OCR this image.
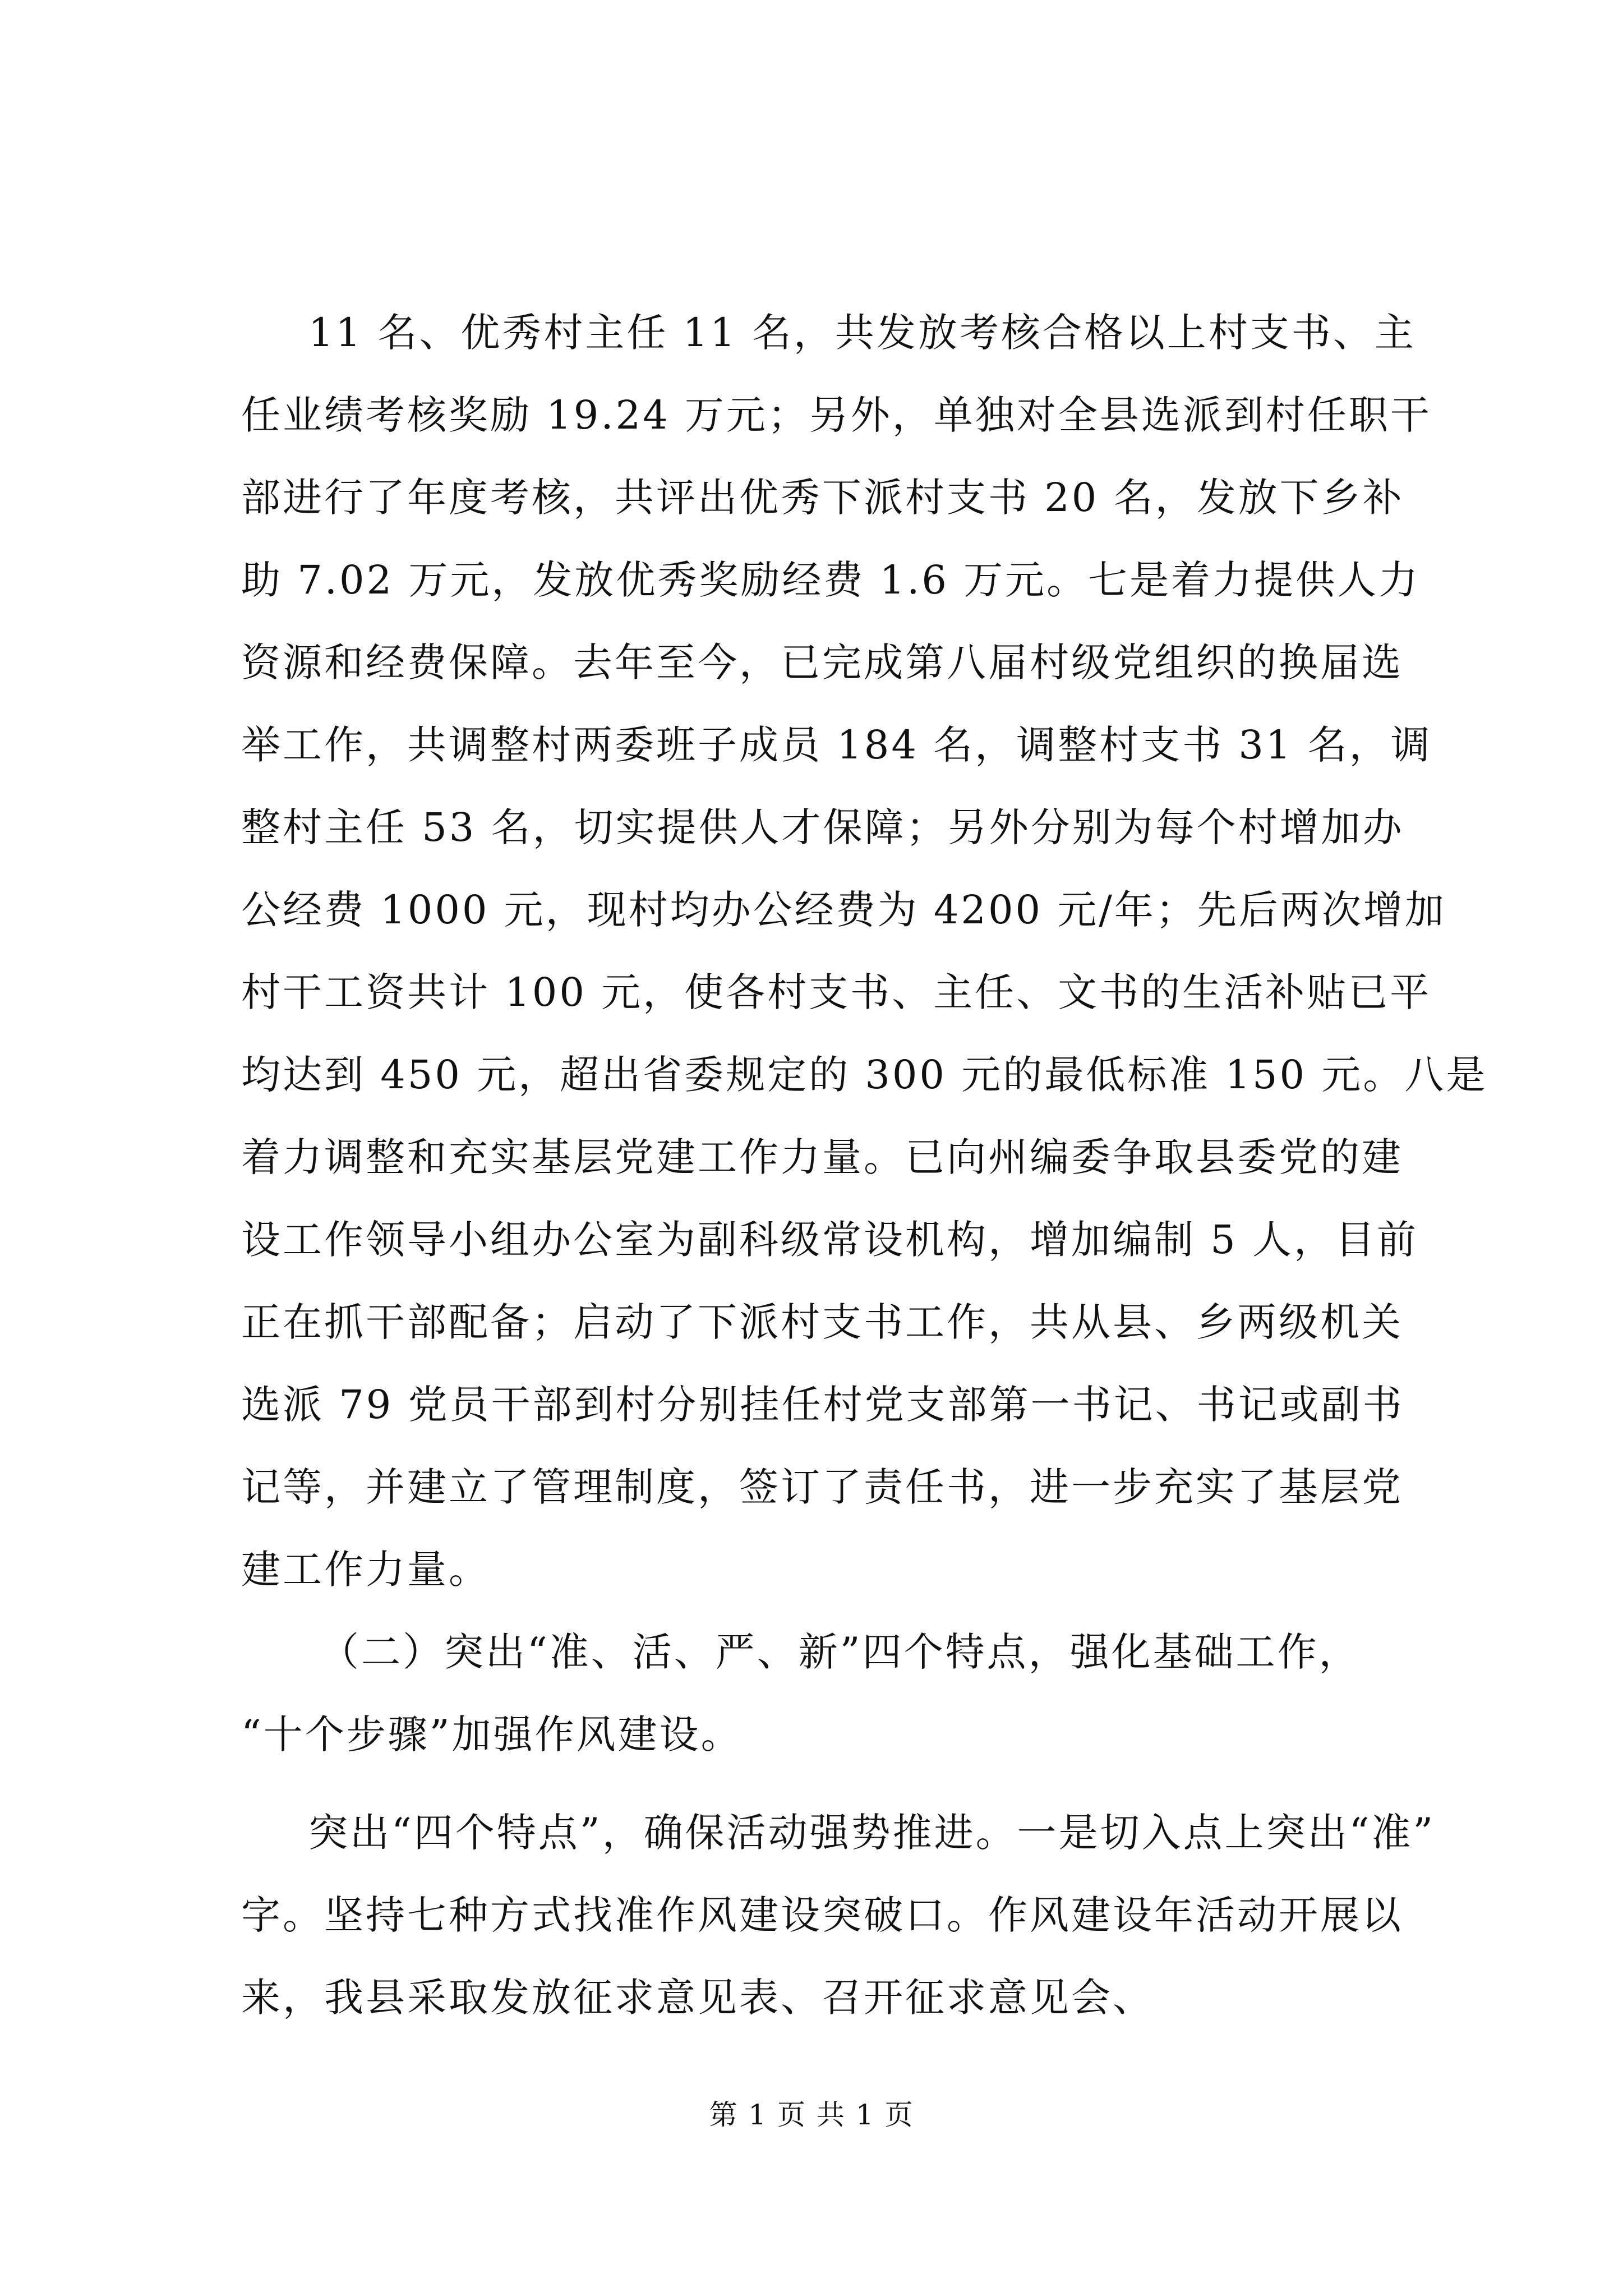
11 名、优秀村主任 11 名，共发放考核合格以上村支书、主
任业绩考核奖励 19.24 万元；另外，单独对全县选派到村任职干
部进行了年度考核，共评出优秀下派村支书 20 名，发放下乡补
助 7.02 万元，发放优秀奖励经费 1.6 万元。七是着力提供人力
资源和经费保障。去年至今，已完成第八届村级党组织的换届选
举工作，共调整村两委班子成员 184 名，调整村支书 31 名，调
整村主任 53 名，切实提供人才保障；另外分别为每个村增加办
公经费 1000 元，现村均办公经费为 4200 元/年；先后两次增加
村干工资共计 100 元，使各村支书、主任、文书的生活补贴已平
均达到 450 元，超出省委规定的 300 元的最低标准 150 元。八是
着力调整和充实基层党建工作力量。已向州编委争取县委党的建
设工作领导小组办公室为副科级常设机构，增加编制 5 人，目前
正在抓干部配备；启动了下派村支书工作，共从县、乡两级机关
选派 79 党员干部到村分别挂任村党支部第一书记、书记或副书
记等，并建立了管理制度，签订了责任书，进一步充实了基层党
建工作力量。
（二）突出“准、活、严、新”四个特点，强化基础工作，
“十个步骤”加强作风建设。
突出“四个特点”，确保活动强势推进。一是切入点上突出“准”
字。坚持七种方式找准作风建设突破口。作风建设年活动开展以
来，我县采取发放征求意见表、召开征求意见会、
第 1 页 共 1 页
